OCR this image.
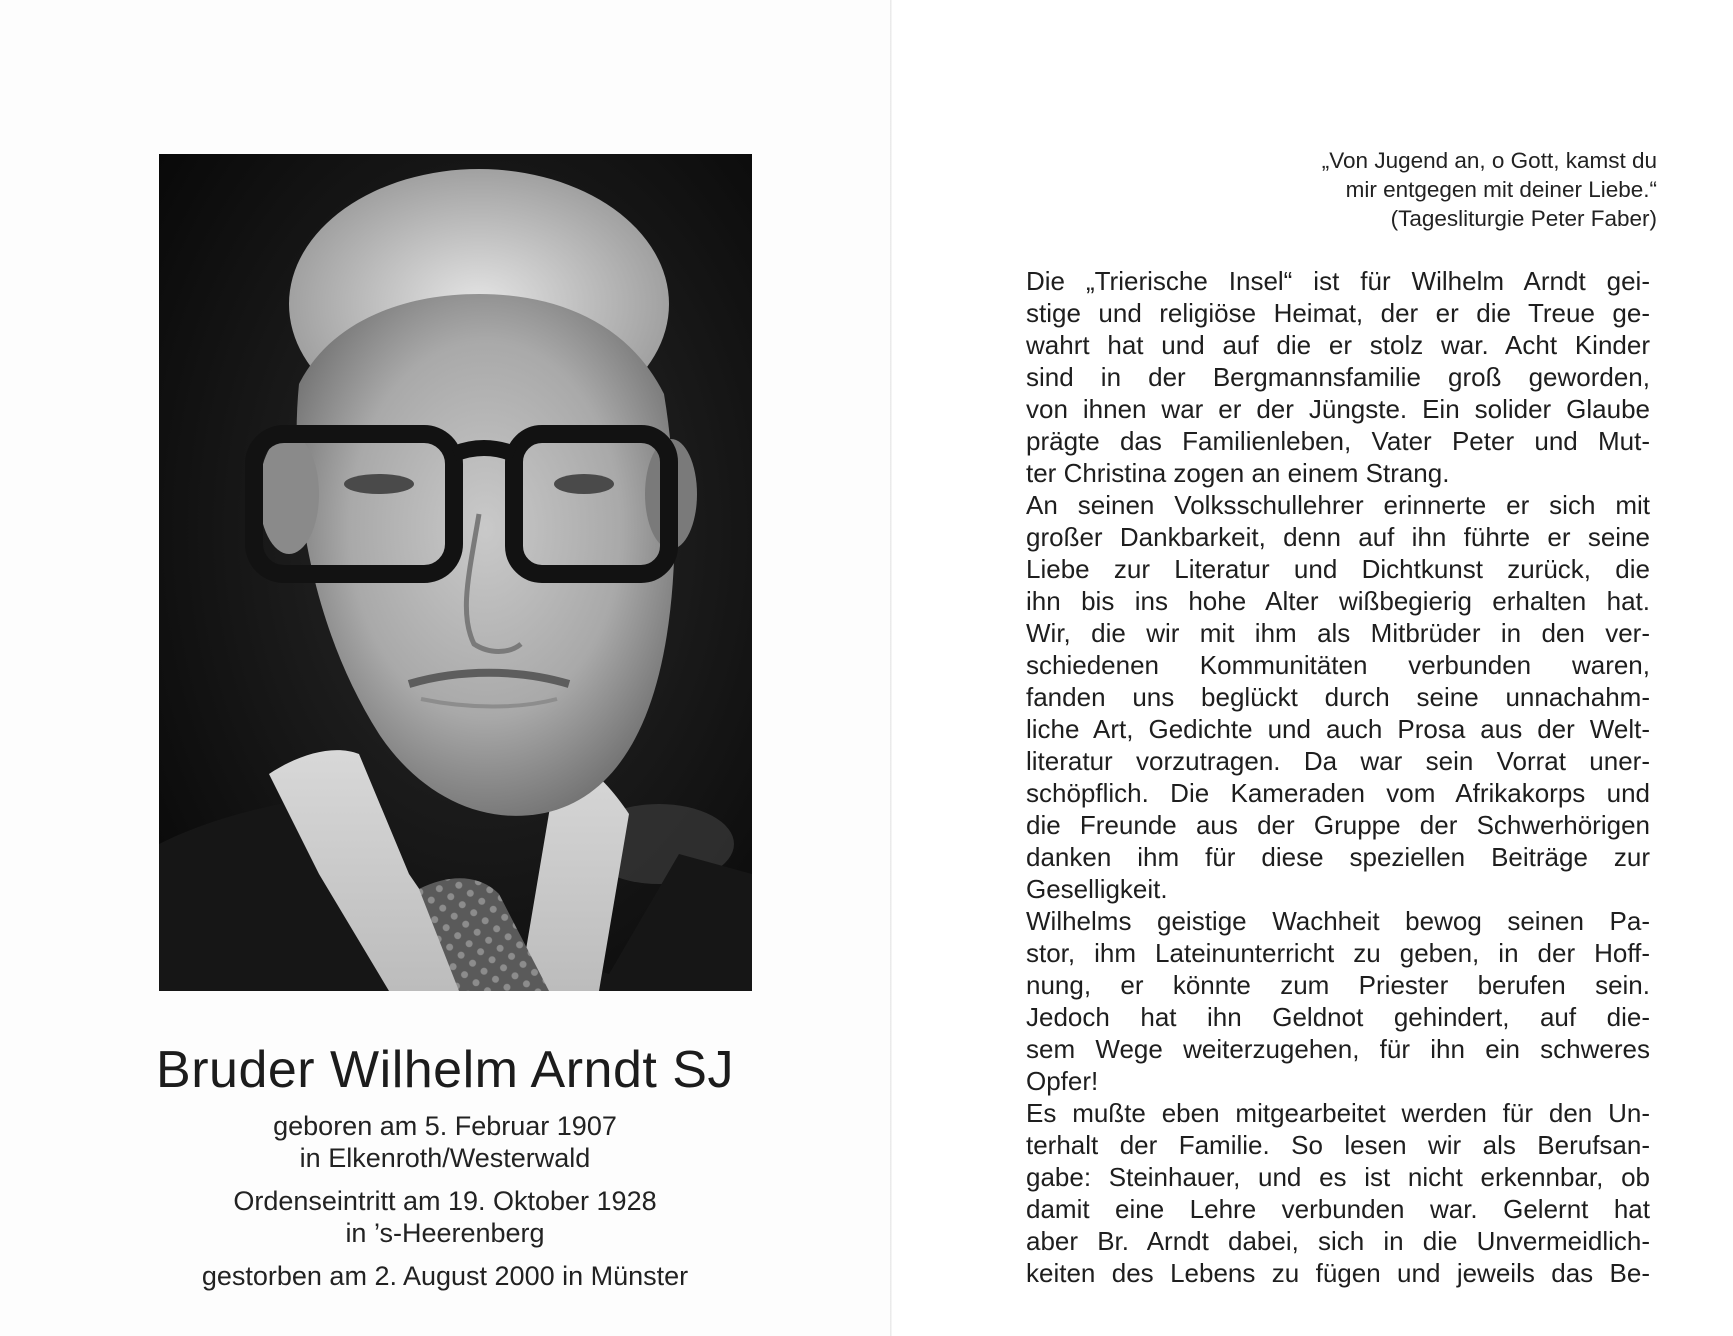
Bruder Wilhelm Arndt SJ

geboren am 5. Februar 1907

in Elkenroth/Westerwald

Ordenseintritt am 19. Oktober 1928

in ’s-Heerenberg

gestorben am 2. August 2000 in Münster

„Von Jugend an, o Gott, kamst du
mir entgegen mit deiner Liebe.“
(Tagesliturgie Peter Faber)
Die „Trierische Insel“ ist für Wilhelm Arndt gei-
stige und religiöse Heimat, der er die Treue ge-
wahrt hat und auf die er stolz war. Acht Kinder
sind in der Bergmannsfamilie groß geworden,
von ihnen war er der Jüngste. Ein solider Glaube
prägte das Familienleben, Vater Peter und Mut-
ter Christina zogen an einem Strang.
An seinen Volksschullehrer erinnerte er sich mit
großer Dankbarkeit, denn auf ihn führte er seine
Liebe zur Literatur und Dichtkunst zurück, die
ihn bis ins hohe Alter wißbegierig erhalten hat.
Wir, die wir mit ihm als Mitbrüder in den ver-
schiedenen Kommunitäten verbunden waren,
fanden uns beglückt durch seine unnachahm-
liche Art, Gedichte und auch Prosa aus der Welt-
literatur vorzutragen. Da war sein Vorrat uner-
schöpflich. Die Kameraden vom Afrikakorps und
die Freunde aus der Gruppe der Schwerhörigen
danken ihm für diese speziellen Beiträge zur
Geselligkeit.
Wilhelms geistige Wachheit bewog seinen Pa-
stor, ihm Lateinunterricht zu geben, in der Hoff-
nung, er könnte zum Priester berufen sein.
Jedoch hat ihn Geldnot gehindert, auf die-
sem Wege weiterzugehen, für ihn ein schweres
Opfer!
Es mußte eben mitgearbeitet werden für den Un-
terhalt der Familie. So lesen wir als Berufsan-
gabe: Steinhauer, und es ist nicht erkennbar, ob
damit eine Lehre verbunden war. Gelernt hat
aber Br. Arndt dabei, sich in die Unvermeidlich-
keiten des Lebens zu fügen und jeweils das Be-
